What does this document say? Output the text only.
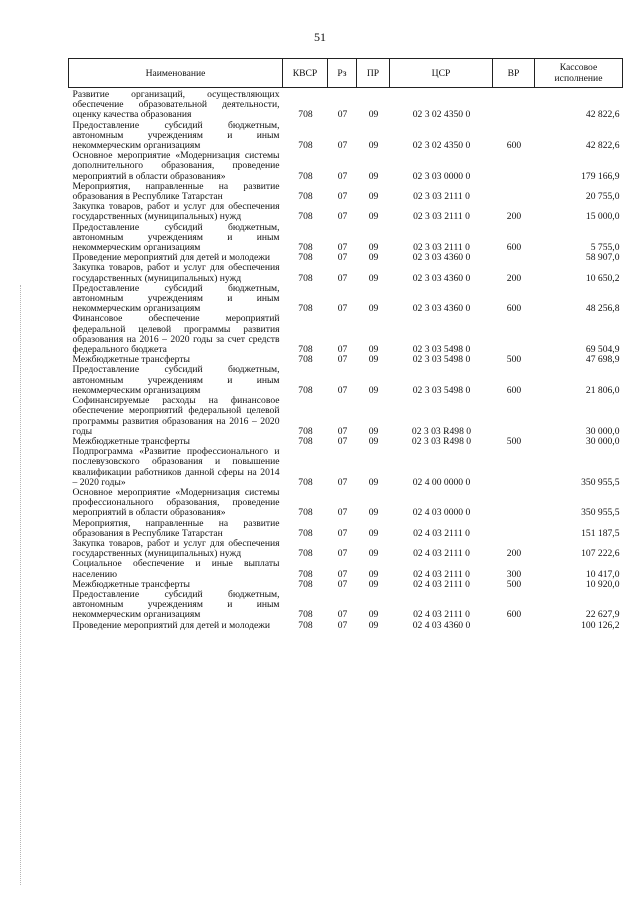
51
Наименование	КВСР	Рз	ПР	ЦСР	ВР	Кассовое исполнение
Развитие организаций, осуществляющих обеспечение образовательной деятельности, оценку качества образования	708	07	09	02 3 02 4350 0		42 822,6
Предоставление субсидий бюджетным, автономным учреждениям и иным некоммерческим организациям	708	07	09	02 3 02 4350 0	600	42 822,6
Основное мероприятие «Модернизация системы дополнительного образования, проведение мероприятий в области образования»	708	07	09	02 3 03 0000 0		179 166,9
Мероприятия, направленные на развитие образования в Республике Татарстан	708	07	09	02 3 03 2111 0		20 755,0
Закупка товаров, работ и услуг для обеспечения государственных (муниципальных) нужд	708	07	09	02 3 03 2111 0	200	15 000,0
Предоставление субсидий бюджетным, автономным учреждениям и иным некоммерческим организациям	708	07	09	02 3 03 2111 0	600	5 755,0
Проведение мероприятий для детей и молодежи	708	07	09	02 3 03 4360 0		58 907,0
Закупка товаров, работ и услуг для обеспечения государственных (муниципальных) нужд	708	07	09	02 3 03 4360 0	200	10 650,2
Предоставление субсидий бюджетным, автономным учреждениям и иным некоммерческим организациям	708	07	09	02 3 03 4360 0	600	48 256,8
Финансовое обеспечение мероприятий федеральной целевой программы развития образования на 2016 – 2020 годы за счет средств федерального бюджета	708	07	09	02 3 03 5498 0		69 504,9
Межбюджетные трансферты	708	07	09	02 3 03 5498 0	500	47 698,9
Предоставление субсидий бюджетным, автономным учреждениям и иным некоммерческим организациям	708	07	09	02 3 03 5498 0	600	21 806,0
Софинансируемые расходы на финансовое обеспечение мероприятий федеральной целевой программы развития образования на 2016 – 2020 годы	708	07	09	02 3 03 R498 0		30 000,0
Межбюджетные трансферты	708	07	09	02 3 03 R498 0	500	30 000,0
Подпрограмма «Развитие профессионального и послевузовского образования и повышение квалификации работников данной сферы на 2014 – 2020 годы»	708	07	09	02 4 00 0000 0		350 955,5
Основное мероприятие «Модернизация системы профессионального образования, проведение мероприятий в области образования»	708	07	09	02 4 03 0000 0		350 955,5
Мероприятия, направленные на развитие образования в Республике Татарстан	708	07	09	02 4 03 2111 0		151 187,5
Закупка товаров, работ и услуг для обеспечения государственных (муниципальных) нужд	708	07	09	02 4 03 2111 0	200	107 222,6
Социальное обеспечение и иные выплаты населению	708	07	09	02 4 03 2111 0	300	10 417,0
Межбюджетные трансферты	708	07	09	02 4 03 2111 0	500	10 920,0
Предоставление субсидий бюджетным, автономным учреждениям и иным некоммерческим организациям	708	07	09	02 4 03 2111 0	600	22 627,9
Проведение мероприятий для детей и молодежи	708	07	09	02 4 03 4360 0		100 126,2
